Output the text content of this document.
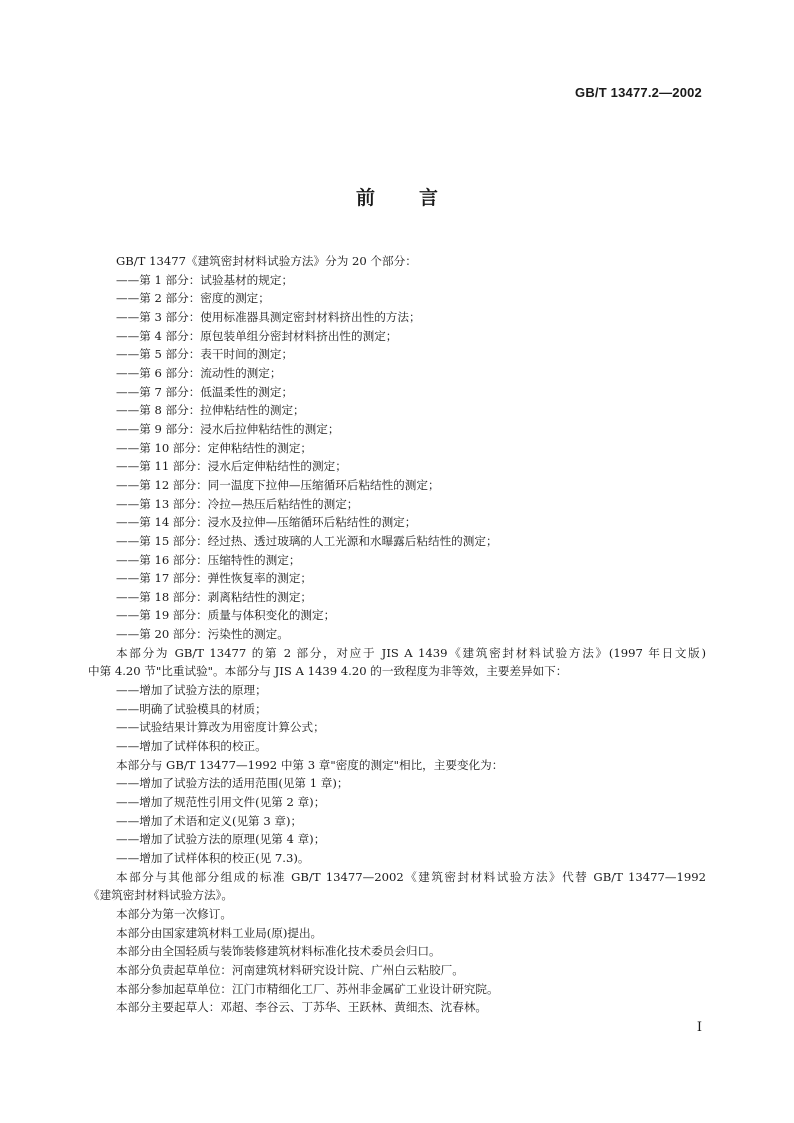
GB/T 13477.2—2002
前言
GB/T 13477《建筑密封材料试验方法》分为 20 个部分：
——第 1 部分：试验基材的规定；
——第 2 部分：密度的测定；
——第 3 部分：使用标准器具测定密封材料挤出性的方法；
——第 4 部分：原包装单组分密封材料挤出性的测定；
——第 5 部分：表干时间的测定；
——第 6 部分：流动性的测定；
——第 7 部分：低温柔性的测定；
——第 8 部分：拉伸粘结性的测定；
——第 9 部分：浸水后拉伸粘结性的测定；
——第 10 部分：定伸粘结性的测定；
——第 11 部分：浸水后定伸粘结性的测定；
——第 12 部分：同一温度下拉伸—压缩循环后粘结性的测定；
——第 13 部分：冷拉—热压后粘结性的测定；
——第 14 部分：浸水及拉伸—压缩循环后粘结性的测定；
——第 15 部分：经过热、透过玻璃的人工光源和水曝露后粘结性的测定；
——第 16 部分：压缩特性的测定；
——第 17 部分：弹性恢复率的测定；
——第 18 部分：剥离粘结性的测定；
——第 19 部分：质量与体积变化的测定；
——第 20 部分：污染性的测定。
本部分为 GB/T 13477 的第 2 部分，对应于 JIS A 1439《建筑密封材料试验方法》(1997 年日文版)
中第 4.20 节"比重试验"。本部分与 JIS A 1439 4.20 的一致程度为非等效，主要差异如下：
——增加了试验方法的原理；
——明确了试验模具的材质；
——试验结果计算改为用密度计算公式；
——增加了试样体积的校正。
本部分与 GB/T 13477—1992 中第 3 章"密度的测定"相比，主要变化为：
——增加了试验方法的适用范围(见第 1 章)；
——增加了规范性引用文件(见第 2 章)；
——增加了术语和定义(见第 3 章)；
——增加了试验方法的原理(见第 4 章)；
——增加了试样体积的校正(见 7.3)。
本部分与其他部分组成的标准 GB/T 13477—2002《建筑密封材料试验方法》代替 GB/T 13477—1992
《建筑密封材料试验方法》。
本部分为第一次修订。
本部分由国家建筑材料工业局(原)提出。
本部分由全国轻质与装饰装修建筑材料标准化技术委员会归口。
本部分负责起草单位：河南建筑材料研究设计院、广州白云粘胶厂。
本部分参加起草单位：江门市精细化工厂、苏州非金属矿工业设计研究院。
本部分主要起草人：邓超、李谷云、丁苏华、王跃林、黄细杰、沈春林。
I
